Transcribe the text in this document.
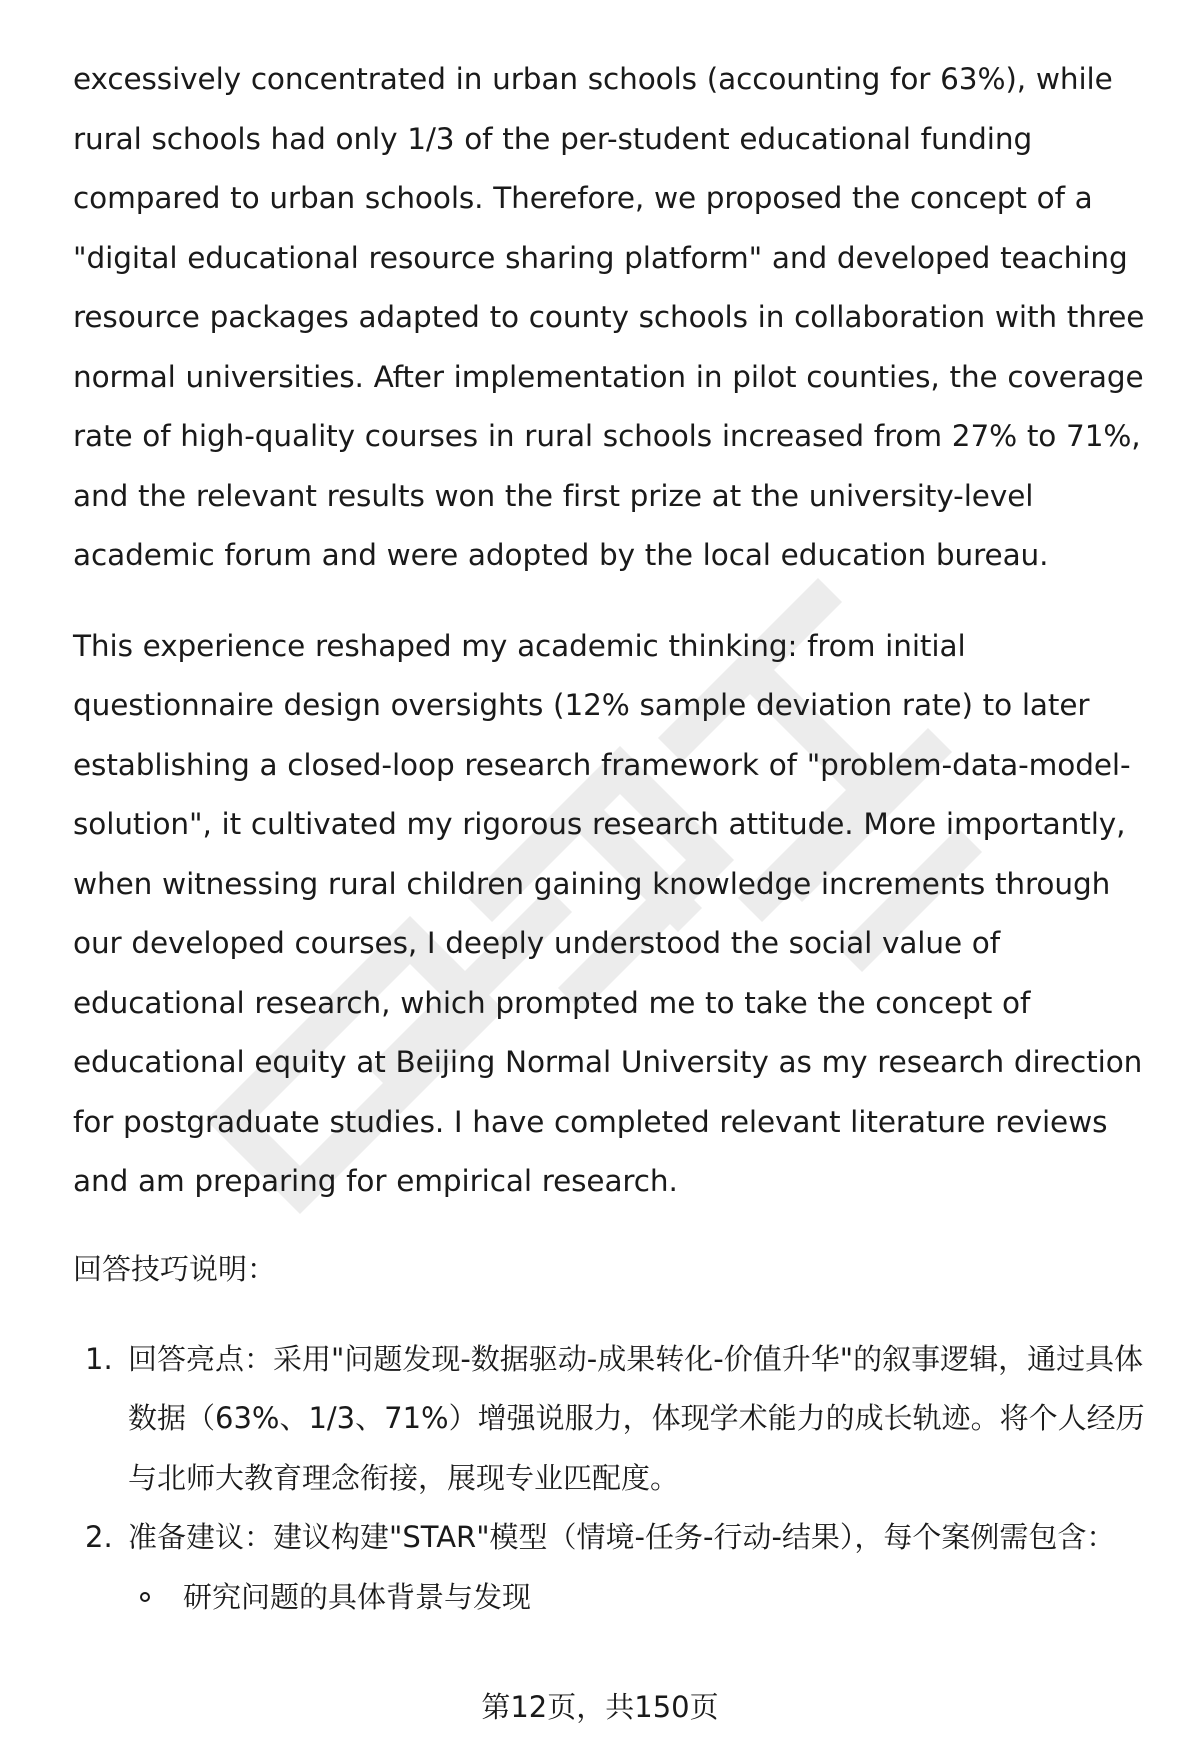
excessively concentrated in urban schools (accounting for 63%), while rural schools had only 1/3 of the per-student educational funding compared to urban schools. Therefore, we proposed the concept of a "digital educational resource sharing platform" and developed teaching resource packages adapted to county schools in collaboration with three normal universities. After implementation in pilot counties, the coverage rate of high-quality courses in rural schools increased from 27% to 71%, and the relevant results won the first prize at the university-level academic forum and were adopted by the local education bureau.

This experience reshaped my academic thinking: from initial questionnaire design oversights (12% sample deviation rate) to later establishing a closed-loop research framework of "problem-data-model-solution", it cultivated my rigorous research attitude. More importantly, when witnessing rural children gaining knowledge increments through our developed courses, I deeply understood the social value of educational research, which prompted me to take the concept of educational equity at Beijing Normal University as my research direction for postgraduate studies. I have completed relevant literature reviews and am preparing for empirical research.

回答技巧说明：

1. 回答亮点：采用"问题发现-数据驱动-成果转化-价值升华"的叙事逻辑，通过具体数据（63%、1/3、71%）增强说服力，体现学术能力的成长轨迹。将个人经历与北师大教育理念衔接，展现专业匹配度。
2. 准备建议：建议构建"STAR"模型（情境-任务-行动-结果），每个案例需包含：
研究问题的具体背景与发现
第12页，共150页
